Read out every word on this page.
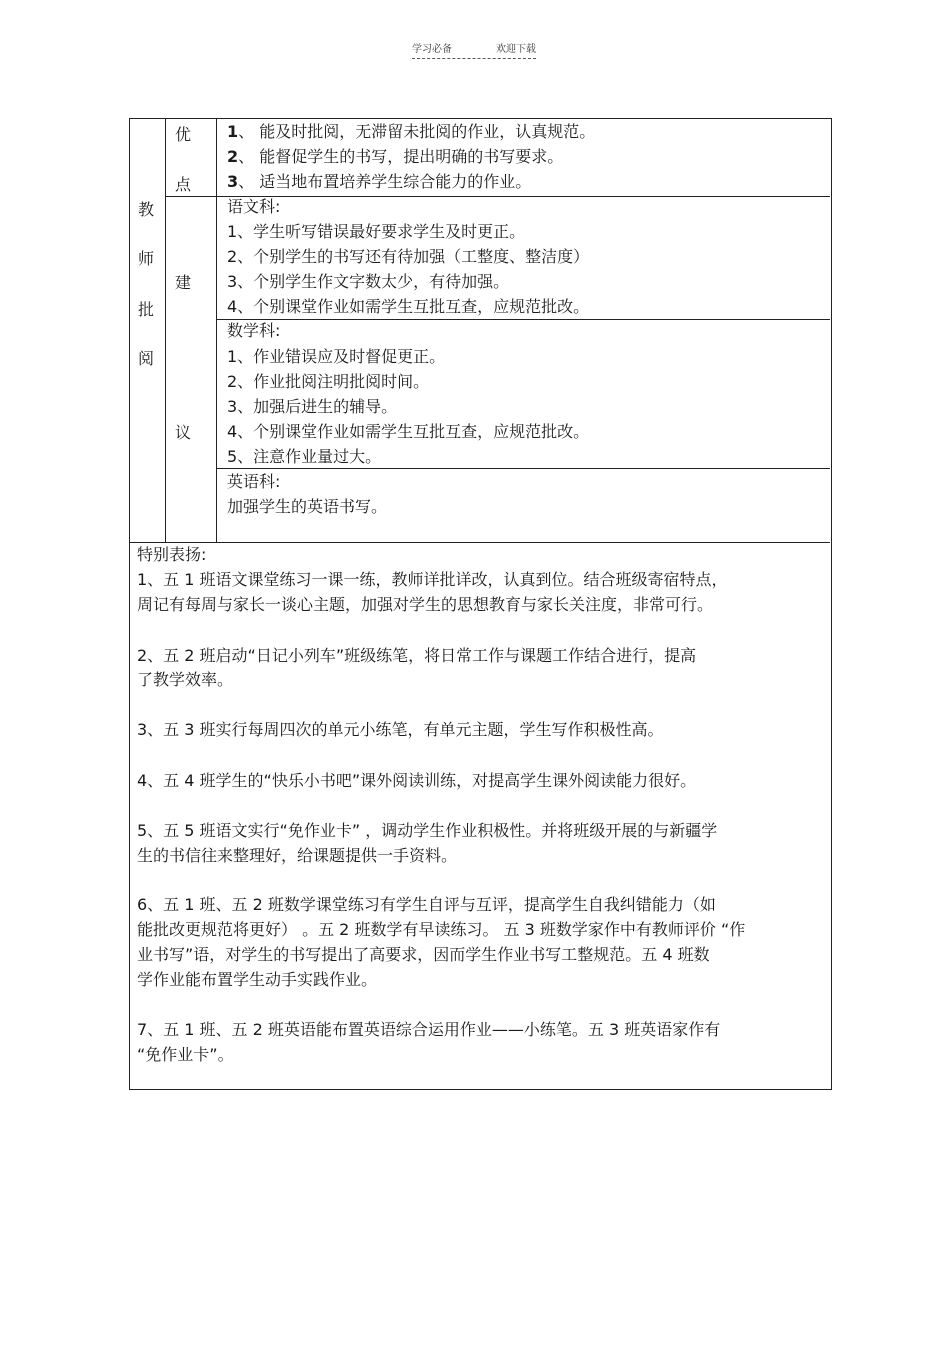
学习必备	欢迎下载
教
师
批
阅
优
点
1、 能及时批阅，无滞留未批阅的作业，认真规范。
2、 能督促学生的书写，提出明确的书写要求。
3、 适当地布置培养学生综合能力的作业。
建
议
语文科:
1、学生听写错误最好要求学生及时更正。
2、个别学生的书写还有待加强（工整度、整洁度）
3、个别学生作文字数太少，有待加强。
4、个别课堂作业如需学生互批互查，应规范批改。
数学科:
1、作业错误应及时督促更正。
2、作业批阅注明批阅时间。
3、加强后进生的辅导。
4、个别课堂作业如需学生互批互查，应规范批改。
5、注意作业量过大。
英语科:
加强学生的英语书写。
特别表扬:
1、五 1 班语文课堂练习一课一练，教师详批详改，认真到位。结合班级寄宿特点，
周记有每周与家长一谈心主题，加强对学生的思想教育与家长关注度，非常可行。
2、五 2 班启动“日记小列车”班级练笔，将日常工作与课题工作结合进行，提高
了教学效率。
3、五 3 班实行每周四次的单元小练笔，有单元主题，学生写作积极性高。
4、五 4 班学生的“快乐小书吧”课外阅读训练，对提高学生课外阅读能力很好。
5、五 5 班语文实行“免作业卡” ，调动学生作业积极性。并将班级开展的与新疆学
生的书信往来整理好，给课题提供一手资料。
6、五 1 班、五 2 班数学课堂练习有学生自评与互评，提高学生自我纠错能力（如
能批改更规范将更好） 。五 2 班数学有早读练习。 五 3 班数学家作中有教师评价 “作
业书写”语，对学生的书写提出了高要求，因而学生作业书写工整规范。五 4 班数
学作业能布置学生动手实践作业。
7、五 1 班、五 2 班英语能布置英语综合运用作业——小练笔。五 3 班英语家作有
“免作业卡”。
